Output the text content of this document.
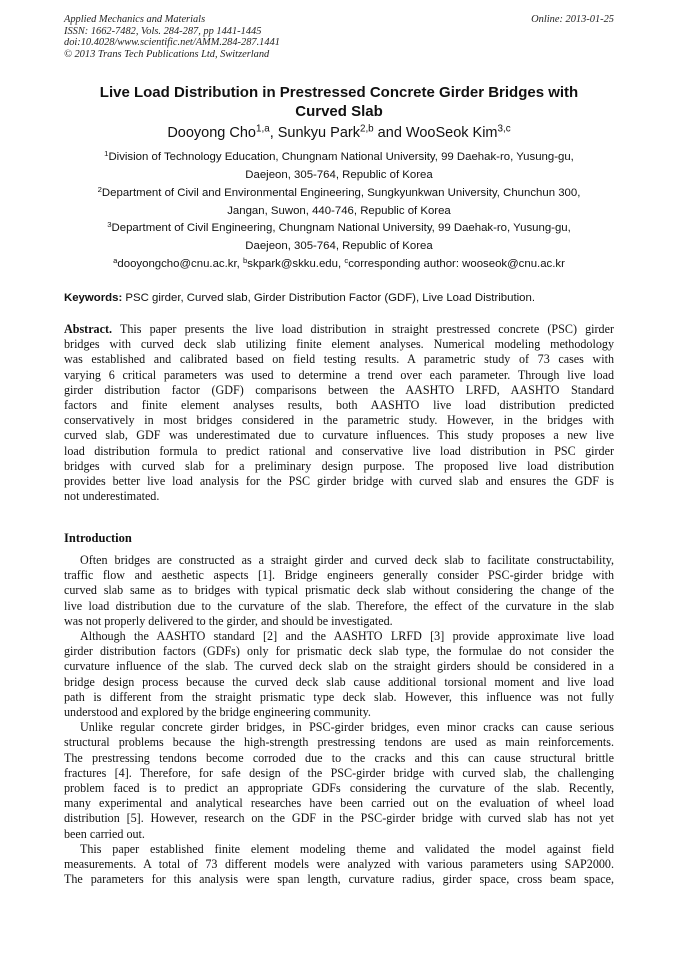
Applied Mechanics and Materials
ISSN: 1662-7482, Vols. 284-287, pp 1441-1445
doi:10.4028/www.scientific.net/AMM.284-287.1441
© 2013 Trans Tech Publications Ltd, Switzerland
Online: 2013-01-25
Live Load Distribution in Prestressed Concrete Girder Bridges with
Curved Slab
Dooyong Cho$^{1,a}$, Sunkyu Park$^{2,b}$ and WooSeok Kim$^{3,c}$
$^1$Division of Technology Education, Chungnam National University, 99 Daehak-ro, Yusung-gu,
Daejeon, 305-764, Republic of Korea
$^2$Department of Civil and Environmental Engineering, Sungkyunkwan University, Chunchun 300,
Jangan, Suwon, 440-746, Republic of Korea
$^3$Department of Civil Engineering, Chungnam National University, 99 Daehak-ro, Yusung-gu,
Daejeon, 305-764, Republic of Korea
$^a$dooyongcho@cnu.ac.kr, $^b$skpark@skku.edu, $^c$corresponding author: wooseok@cnu.ac.kr
Keywords: PSC girder, Curved slab, Girder Distribution Factor (GDF), Live Load Distribution.
Abstract. This paper presents the live load distribution in straight prestressed concrete (PSC) girder
bridges with curved deck slab utilizing finite element analyses. Numerical modeling methodology
was established and calibrated based on field testing results. A parametric study of 73 cases with
varying 6 critical parameters was used to determine a trend over each parameter. Through live load
girder distribution factor (GDF) comparisons between the AASHTO LRFD, AASHTO Standard
factors and finite element analyses results, both AASHTO live load distribution predicted
conservatively in most bridges considered in the parametric study. However, in the bridges with
curved slab, GDF was underestimated due to curvature influences. This study proposes a new live
load distribution formula to predict rational and conservative live load distribution in PSC girder
bridges with curved slab for a preliminary design purpose. The proposed live load distribution
provides better live load analysis for the PSC girder bridge with curved slab and ensures the GDF is
not underestimated.
Introduction
Often bridges are constructed as a straight girder and curved deck slab to facilitate constructability,
traffic flow and aesthetic aspects [1]. Bridge engineers generally consider PSC-girder bridge with
curved slab same as to bridges with typical prismatic deck slab without considering the change of the
live load distribution due to the curvature of the slab. Therefore, the effect of the curvature in the slab
was not properly delivered to the girder, and should be investigated.
Although the AASHTO standard [2] and the AASHTO LRFD [3] provide approximate live load
girder distribution factors (GDFs) only for prismatic deck slab type, the formulae do not consider the
curvature influence of the slab. The curved deck slab on the straight girders should be considered in a
bridge design process because the curved deck slab cause additional torsional moment and live load
path is different from the straight prismatic type deck slab. However, this influence was not fully
understood and explored by the bridge engineering community.
Unlike regular concrete girder bridges, in PSC-girder bridges, even minor cracks can cause serious
structural problems because the high-strength prestressing tendons are used as main reinforcements.
The prestressing tendons become corroded due to the cracks and this can cause structural brittle
fractures [4]. Therefore, for safe design of the PSC-girder bridge with curved slab, the challenging
problem faced is to predict an appropriate GDFs considering the curvature of the slab. Recently,
many experimental and analytical researches have been carried out on the evaluation of wheel load
distribution [5]. However, research on the GDF in the PSC-girder bridge with curved slab has not yet
been carried out.
This paper established finite element modeling theme and validated the model against field
measurements. A total of 73 different models were analyzed with various parameters using SAP2000.
The parameters for this analysis were span length, curvature radius, girder space, cross beam space,
